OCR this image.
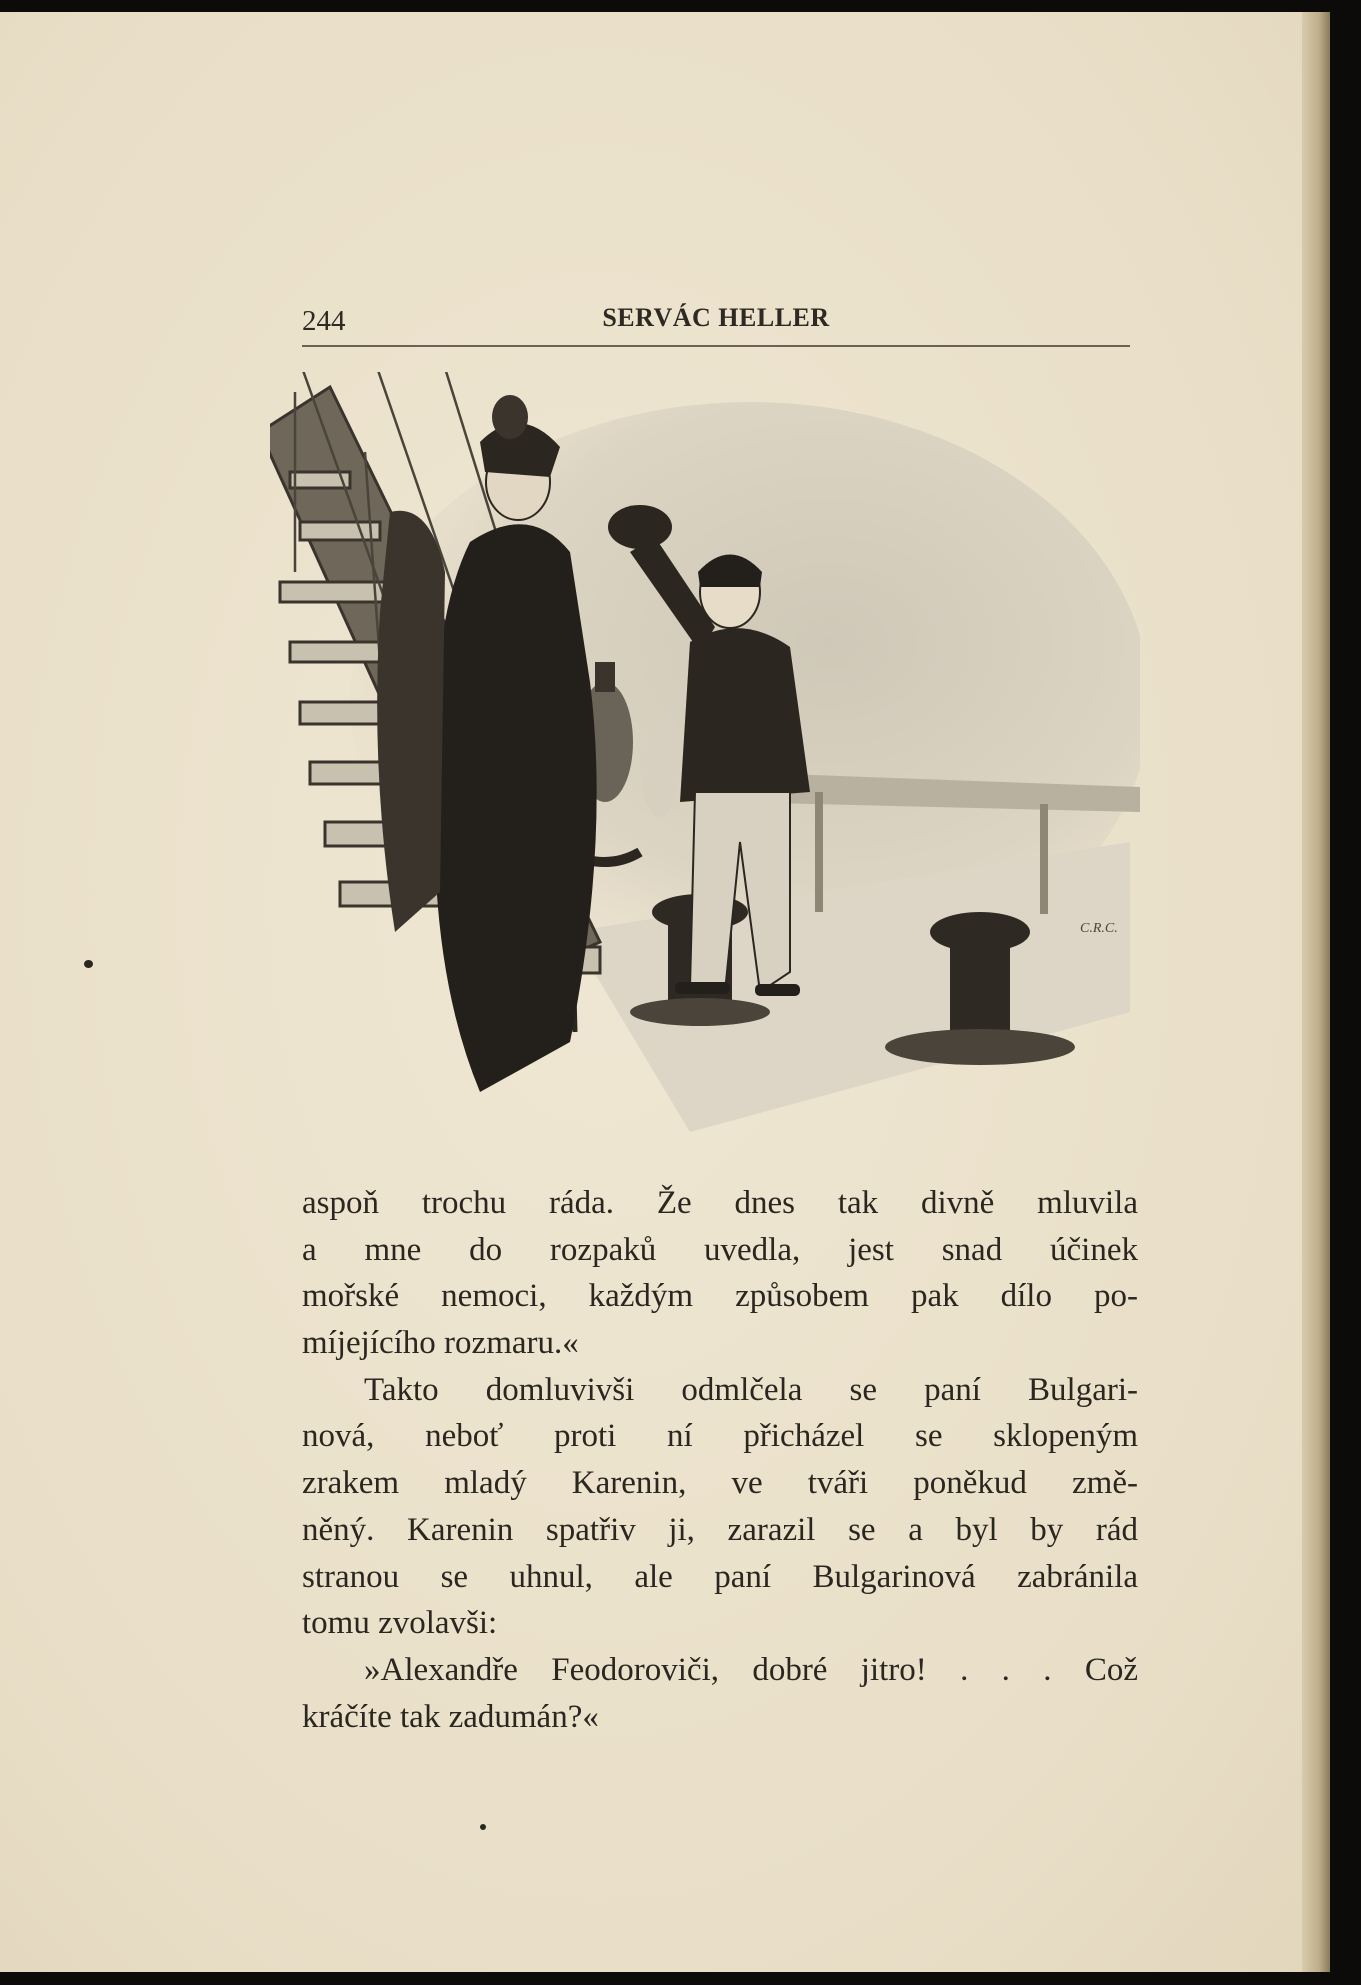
244	SERVÁC HELLER
C.R.C.
aspoň trochu ráda. Že dnes tak divně mluvila
a mne do rozpaků uvedla, jest snad účinek
mořské nemoci, každým způsobem pak dílo po-
míjejícího rozmaru.«
Takto domluvivši odmlčela se paní Bulgari-
nová, neboť proti ní přicházel se sklopeným
zrakem mladý Karenin, ve tváři poněkud změ-
něný. Karenin spatřiv ji, zarazil se a byl by rád
stranou se uhnul, ale paní Bulgarinová zabránila
tomu zvolavši:
»Alexandře Feodoroviči, dobré jitro! . . . Což
kráčíte tak zadumán?«
